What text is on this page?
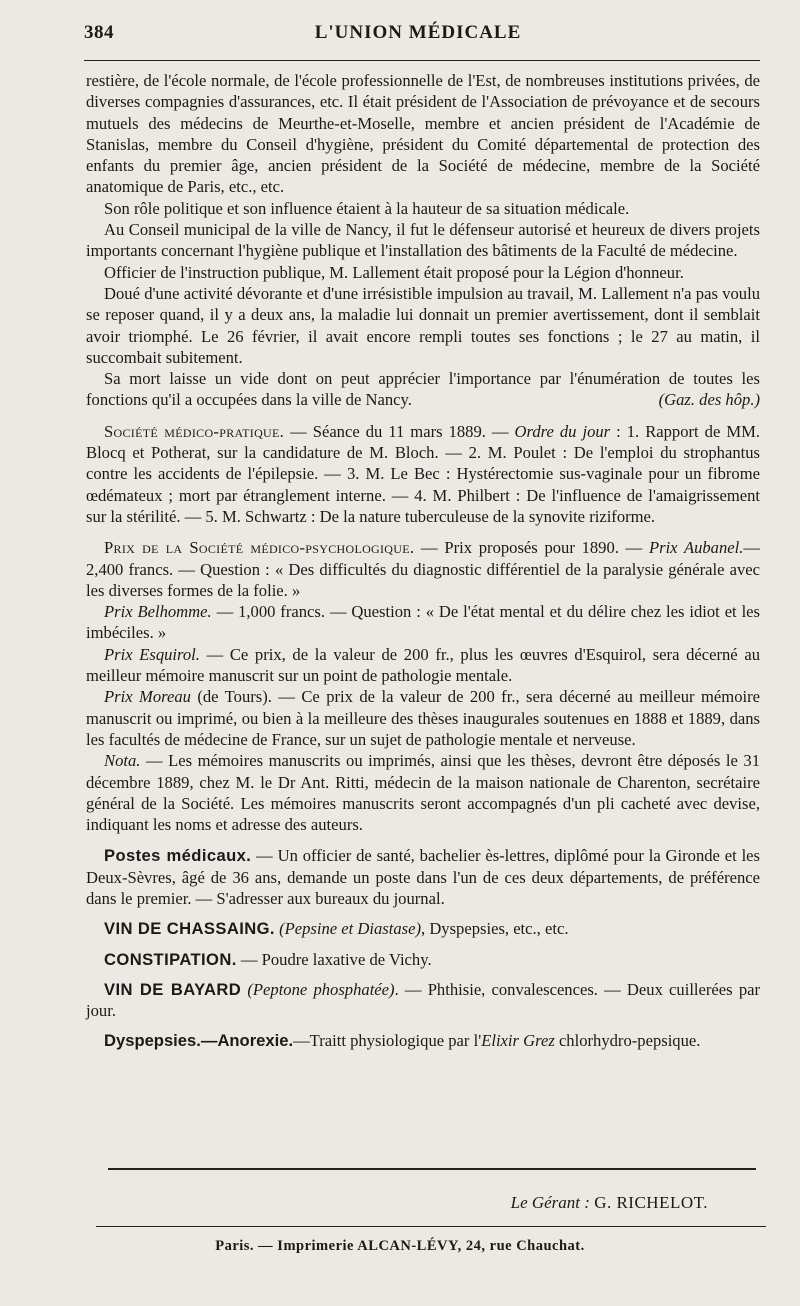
384	L'UNION MÉDICALE

restière, de l'école normale, de l'école professionnelle de l'Est, de nombreuses institutions privées, de diverses compagnies d'assurances, etc. Il était président de l'Association de prévoyance et de secours mutuels des médecins de Meurthe-et-Moselle, membre et ancien président de l'Académie de Stanislas, membre du Conseil d'hygiène, président du Comité départemental de protection des enfants du premier âge, ancien président de la Société de médecine, membre de la Société anatomique de Paris, etc., etc.

Son rôle politique et son influence étaient à la hauteur de sa situation médicale.

Au Conseil municipal de la ville de Nancy, il fut le défenseur autorisé et heureux de divers projets importants concernant l'hygiène publique et l'installation des bâtiments de la Faculté de médecine.

Officier de l'instruction publique, M. Lallement était proposé pour la Légion d'honneur.

Doué d'une activité dévorante et d'une irrésistible impulsion au travail, M. Lallement n'a pas voulu se reposer quand, il y a deux ans, la maladie lui donnait un premier avertissement, dont il semblait avoir triomphé. Le 26 février, il avait encore rempli toutes ses fonctions ; le 27 au matin, il succombait subitement.

Sa mort laisse un vide dont on peut apprécier l'importance par l'énumération de toutes les fonctions qu'il a occupées dans la ville de Nancy.	(Gaz. des hôp.)

Société médico-pratique. — Séance du 11 mars 1889. — Ordre du jour : 1. Rapport de MM. Blocq et Potherat, sur la candidature de M. Bloch. — 2. M. Poulet : De l'emploi du strophantus contre les accidents de l'épilepsie. — 3. M. Le Bec : Hystérectomie sus-vaginale pour un fibrome œdémateux ; mort par étranglement interne. — 4. M. Philbert : De l'influence de l'amaigrissement sur la stérilité. — 5. M. Schwartz : De la nature tuberculeuse de la synovite riziforme.

Prix de la Société médico-psychologique. — Prix proposés pour 1890. — Prix Aubanel.— 2,400 francs. — Question : « Des difficultés du diagnostic différentiel de la paralysie générale avec les diverses formes de la folie. »

Prix Belhomme. — 1,000 francs. — Question : « De l'état mental et du délire chez les idiot et les imbéciles. »

Prix Esquirol. — Ce prix, de la valeur de 200 fr., plus les œuvres d'Esquirol, sera décerné au meilleur mémoire manuscrit sur un point de pathologie mentale.

Prix Moreau (de Tours). — Ce prix de la valeur de 200 fr., sera décerné au meilleur mémoire manuscrit ou imprimé, ou bien à la meilleure des thèses inaugurales soutenues en 1888 et 1889, dans les facultés de médecine de France, sur un sujet de pathologie mentale et nerveuse.

Nota. — Les mémoires manuscrits ou imprimés, ainsi que les thèses, devront être déposés le 31 décembre 1889, chez M. le Dr Ant. Ritti, médecin de la maison nationale de Charenton, secrétaire général de la Société. Les mémoires manuscrits seront accompagnés d'un pli cacheté avec devise, indiquant les noms et adresse des auteurs.

Postes médicaux. — Un officier de santé, bachelier ès-lettres, diplômé pour la Gironde et les Deux-Sèvres, âgé de 36 ans, demande un poste dans l'un de ces deux départements, de préférence dans le premier. — S'adresser aux bureaux du journal.

VIN DE CHASSAING. (Pepsine et Diastase), Dyspepsies, etc., etc.

CONSTIPATION. — Poudre laxative de Vichy.

VIN DE BAYARD (Peptone phosphatée). — Phthisie, convalescences. — Deux cuillerées par jour.

Dyspepsies.—Anorexie.—Traitt physiologique par l'Elixir Grez chlorhydro-pepsique.

Le Gérant : G. RICHELOT.
Paris. — Imprimerie ALCAN-LÉVY, 24, rue Chauchat.
